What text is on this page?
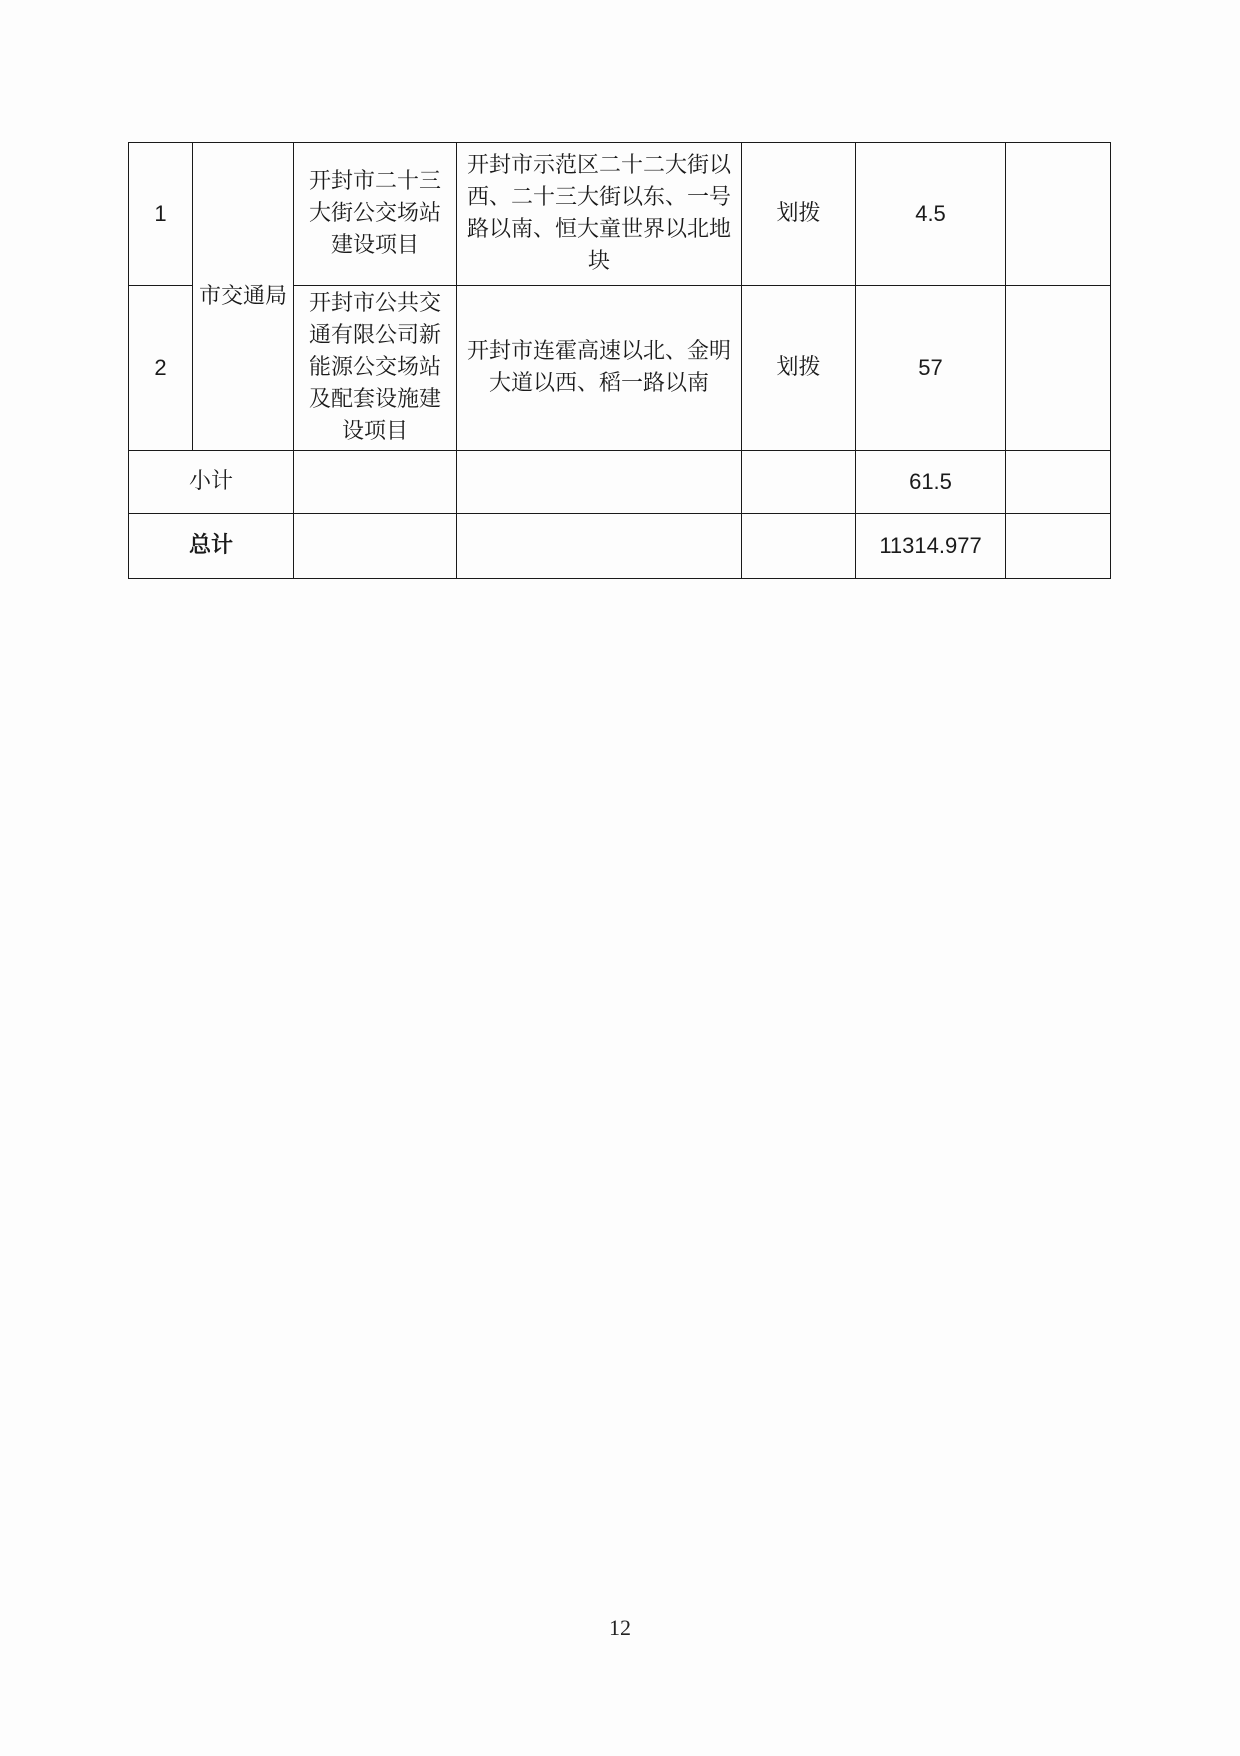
1	市交通局	开封市二十三大街公交场站建设项目	开封市示范区二十二大街以西、二十三大街以东、一号路以南、恒大童世界以北地块	划拨	4.5	
2		开封市公共交通有限公司新能源公交场站及配套设施建设项目	开封市连霍高速以北、金明大道以西、稻一路以南	划拨	57	
小计					61.5	
总计					11314.977	
12
